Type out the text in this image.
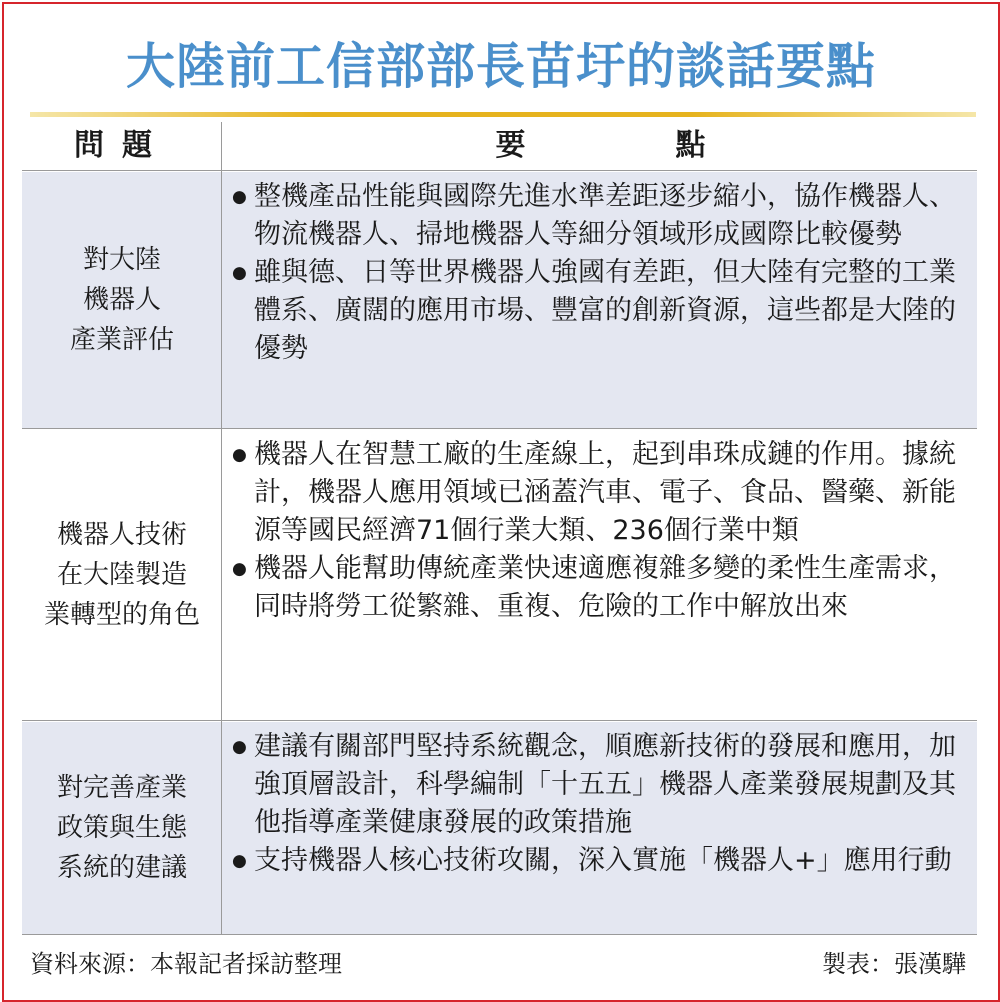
大陸前工信部部長苗圩的談話要點
問題	要點
對大陸
機器人
產業評估
● 整機產品性能與國際先進水準差距逐步縮小，協作機器人、物流機器人、掃地機器人等細分領域形成國際比較優勢
● 雖與德、日等世界機器人強國有差距，但大陸有完整的工業體系、廣闊的應用市場、豐富的創新資源，這些都是大陸的優勢
機器人技術
在大陸製造
業轉型的角色
● 機器人在智慧工廠的生產線上，起到串珠成鏈的作用。據統計，機器人應用領域已涵蓋汽車、電子、食品、醫藥、新能源等國民經濟71個行業大類、236個行業中類
● 機器人能幫助傳統產業快速適應複雜多變的柔性生產需求，同時將勞工從繁雜、重複、危險的工作中解放出來
對完善產業
政策與生態
系統的建議
● 建議有關部門堅持系統觀念，順應新技術的發展和應用，加強頂層設計，科學編制「十五五」機器人產業發展規劃及其他指導產業健康發展的政策措施
● 支持機器人核心技術攻關，深入實施「機器人+」應用行動
資料來源：本報記者採訪整理	製表：張漢驊
